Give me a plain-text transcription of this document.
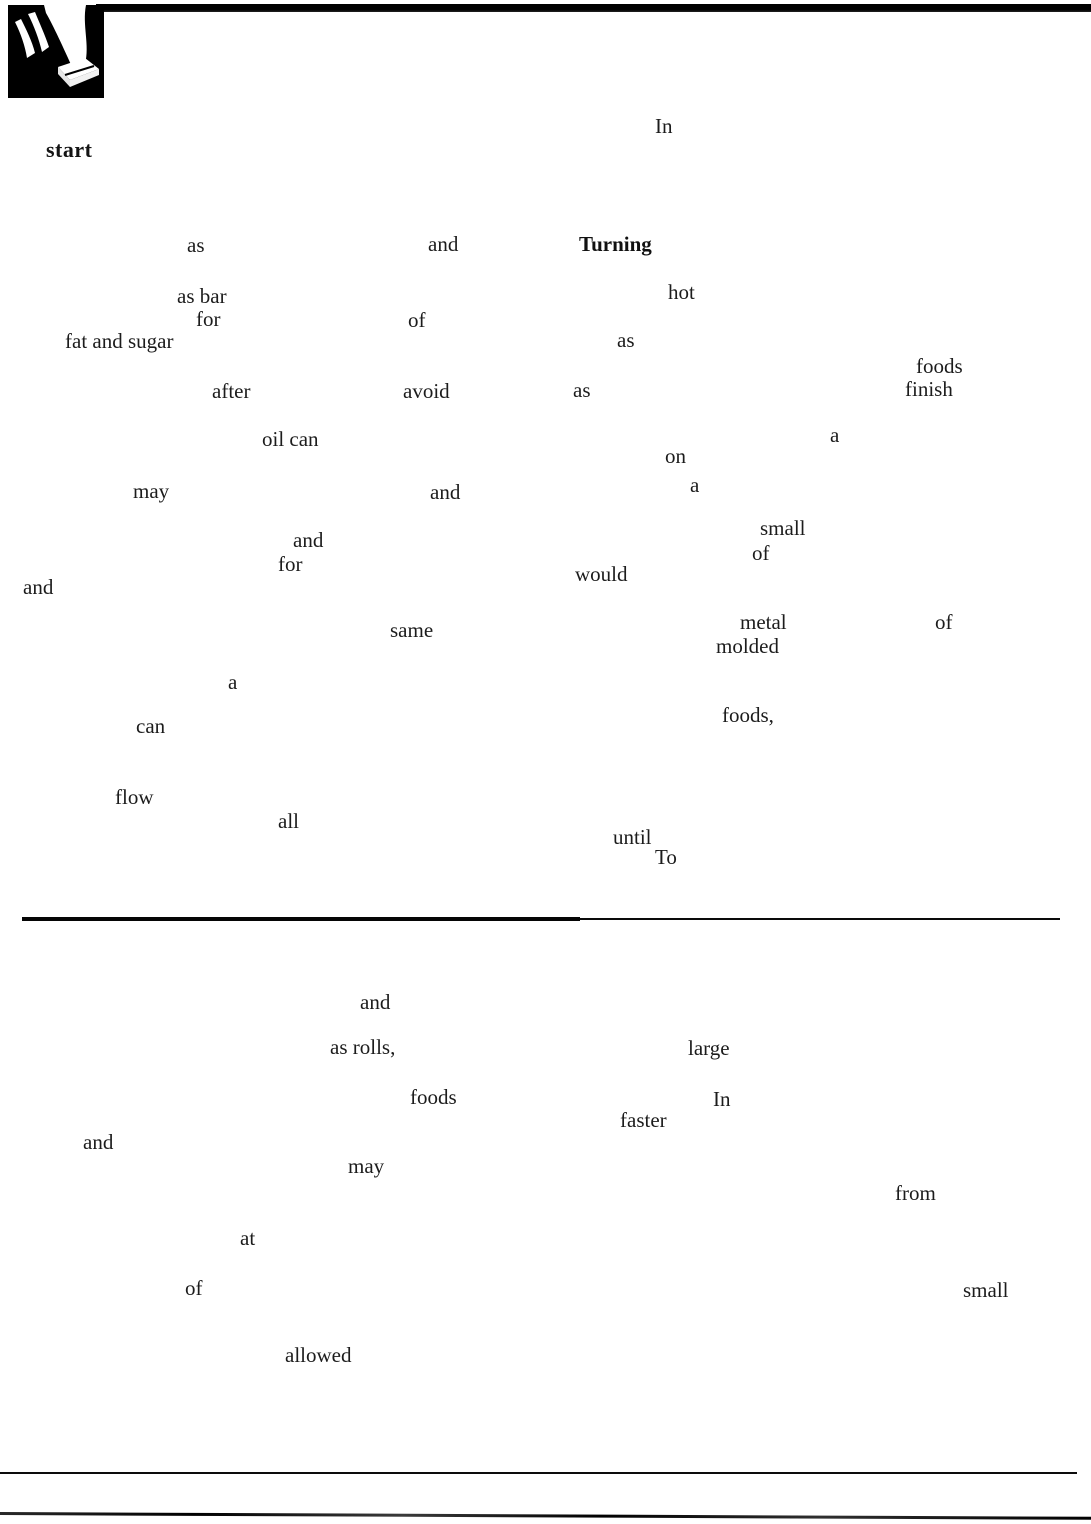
start
In
as	and	Turning
hot
as bar
for	of
fat and sugar	as
foods
finish
as
after	avoid
a
oil can
on
a
may	and
small
and
of
for	would
and
metal	of
same
molded
a
foods,
can
flow
all
until
To
and
as rolls,	large
foods	In
faster
and
may
from
at
of	small
allowed
